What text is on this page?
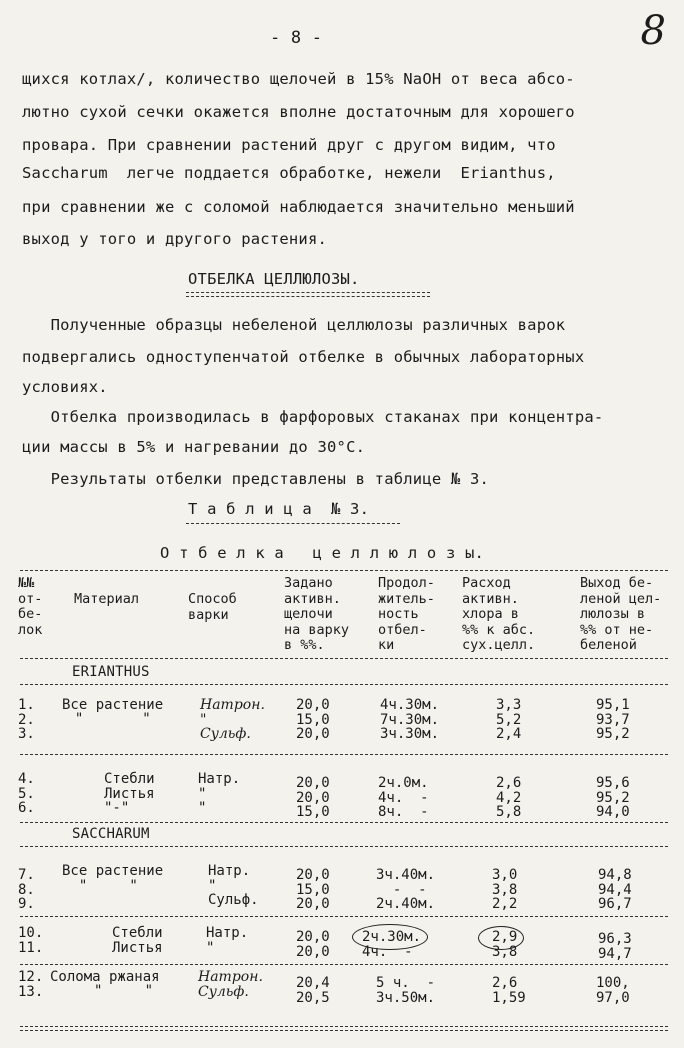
- 8 -	8
щихся котлах/, количество щелочей в 15% NaOH от веса абсо-
лютно сухой сечки окажется вполне достаточным для хорошего
провара. При сравнении растений друг с другом видим, что
Saccharum  легче поддается обработке, нежели  Erianthus,
при сравнении же с соломой наблюдается значительно меньший
выход у того и другого растения.
ОТБЕЛКА ЦЕЛЛЮЛОЗЫ.
Полученные образцы небеленой целлюлозы различных варок
подвергались одноступенчатой отбелке в обычных лабораторных
условиях.
Отбелка производилась в фарфоровых стаканах при концентра-
ции массы в 5% и нагревании до 30°С.
Результаты отбелки представлены в таблице № 3.
Т а б л и ц а  № 3.
О т б е л к а   ц е л л ю л о з ы.
№№
от-
бе-
лок
Материал	Способ
варки
Задано
активн.
щелочи
на варку
в %%.
Продол-
житель-
ность
отбел-
ки
Расход
активн.
хлора в
%% к абс.
сух.целл.
Выход бе-
леной цел-
люлозы в
%% от не-
беленой
ERIANTHUS
1.
2.
3.
Все растение
"       "
Натрон.
"
Сульф.
20,0
15,0
20,0
4ч.30м.
7ч.30м.
3ч.30м.
3,3
5,2
2,4
95,1
93,7
95,2
4.
5.
6.
Стебли
Листья
"-"
Натр.
"
"
20,0
20,0
15,0
2ч.0м.
4ч.  -
8ч.  -
2,6
4,2
5,8
95,6
95,2
94,0
SACCHARUM
7.
8.
9.
Все растение
"     "
Натр.
"
Сульф.
20,0
15,0
20,0
3ч.40м.
-  -
2ч.40м.
3,0
3,8
2,2
94,8
94,4
96,7
10.
11.
Стебли
Листья
Натр.
"
20,0
20,0
2ч.30м.
4ч.  -
2,9
3,8
96,3
94,7
12.
13.
Солома ржаная
"     "
Натрон.
Сульф.
20,4
20,5
5 ч.  -
3ч.50м.
2,6
1,59
100,
97,0
